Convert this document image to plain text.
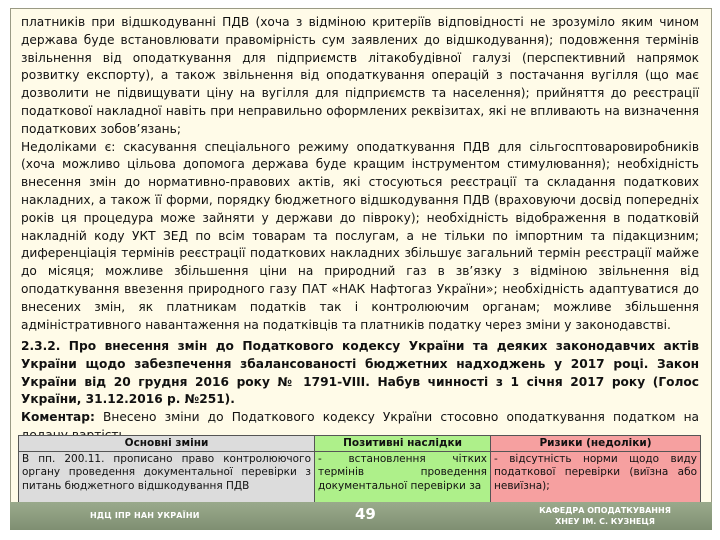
платників при відшкодуванні ПДВ (хоча з відміною критеріїв відповідності не зрозуміло яким чином держава буде встановлювати правомірність сум заявлених до відшкодування); подовження термінів звільнення від оподаткування для підприємств літакобудівної галузі (перспективний напрямок розвитку експорту), а також звільнення від оподаткування операцій з постачання вугілля (що має дозволити не підвищувати ціну на вугілля для підприємств та населення); прийняття до реєстрації податкової накладної навіть при неправильно оформлених реквізитах, які не впливають на визначення податкових зобов’язань;

Недоліками є: скасування спеціального режиму оподаткування ПДВ для сільгосптоваровиробників (хоча можливо цільова допомога держава буде кращим інструментом стимулювання); необхідність внесення змін до нормативно-правових актів, які стосуються реєстрації та складання податкових накладних, а також її форми, порядку бюджетного відшкодування ПДВ (враховуючи досвід попередніх років ця процедура може зайняти у держави до півроку); необхідність відображення в податковій накладній коду УКТ ЗЕД по всім товарам та послугам, а не тільки по імпортним та підакцизним; диференціація термінів реєстрації податкових накладних збільшує загальний термін реєстрації майже до місяця; можливе збільшення ціни на природний газ в зв’язку з відміною звільнення від оподаткування ввезення природного газу ПАТ «НАК Нафтогаз України»; необхідність адаптуватися до внесених змін, як платникам податків так і контролюючим органам; можливе збільшення адміністративного навантаження на податківців та платників податку через зміни у законодавстві.

2.3.2. Про внесення змін до Податкового кодексу України та деяких законодавчих актів України щодо забезпечення збалансованості бюджетних надходжень у 2017 році. Закон України від 20 грудня 2016 року № 1791-VIII. Набув чинності з 1 січня 2017 року (Голос України, 31.12.2016 р. №251).

Коментар: Внесено зміни до Податкового кодексу України стосовно оподаткування податком на

Основні зміни	Позитивні наслідки	Ризики (недоліки)
В пп. 200.11. прописано право контролюючого органу проведення документальної перевірки з питань бюджетного відшкодування ПДВ	- встановлення чітких термінів проведення документальної перевірки за	- відсутність норми щодо виду податкової перевірки (виїзна або невиїзна);
НДЦ ІПР НАН УКРАЇНИ	49	КАФЕДРА ОПОДАТКУВАННЯ
ХНЕУ ІМ. С. КУЗНЕЦЯ
